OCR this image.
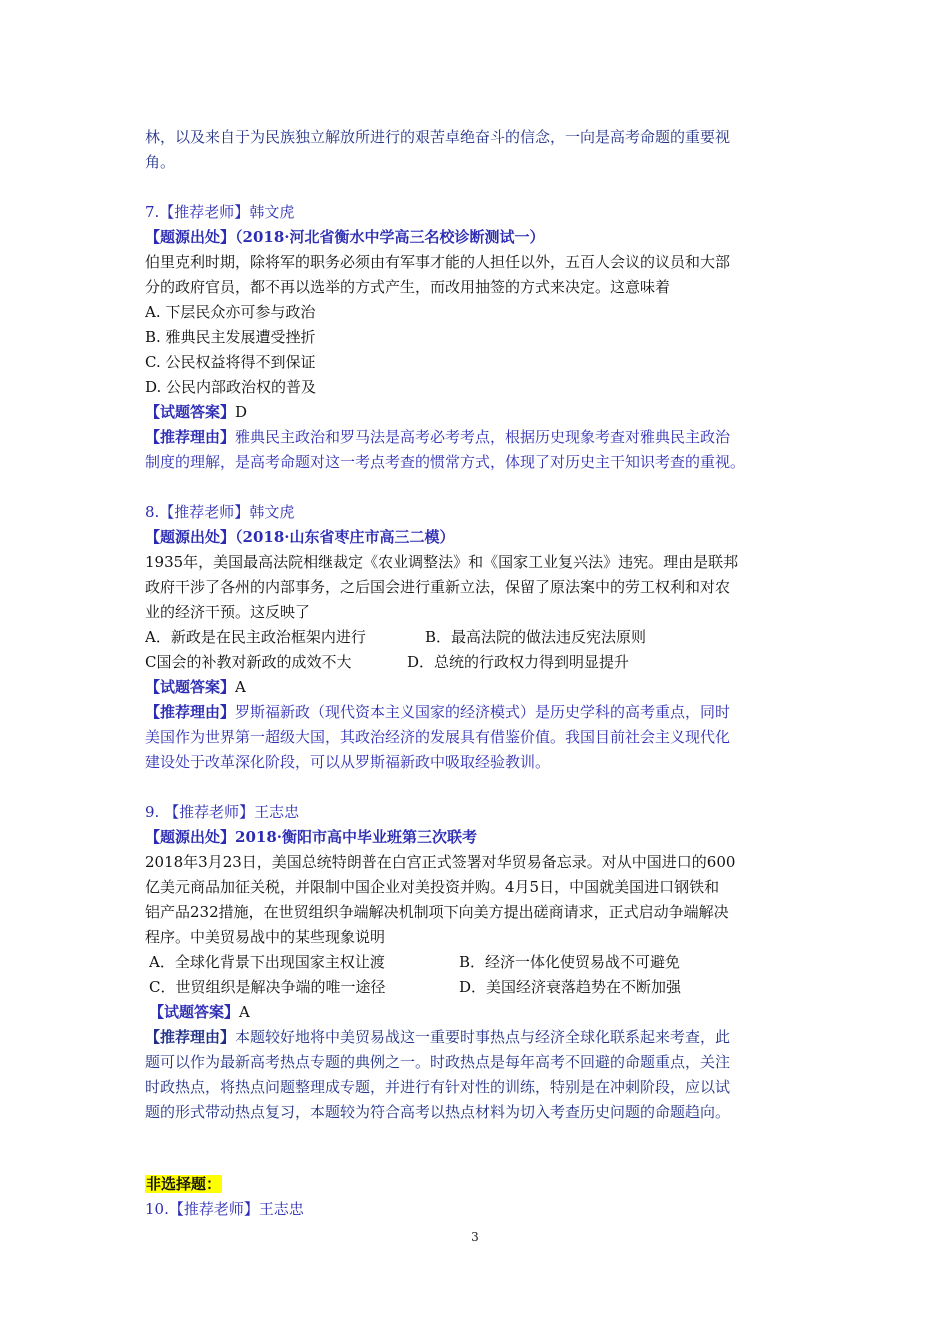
林，以及来自于为民族独立解放所进行的艰苦卓绝奋斗的信念，一向是高考命题的重要视
角。
7.【推荐老师】韩文虎
【题源出处】（2018·河北省衡水中学高三名校诊断测试一）
伯里克利时期，除将军的职务必须由有军事才能的人担任以外，五百人会议的议员和大部
分的政府官员，都不再以选举的方式产生，而改用抽签的方式来决定。这意味着
A. 下层民众亦可参与政治
B. 雅典民主发展遭受挫折
C. 公民权益将得不到保证
D. 公民内部政治权的普及
【试题答案】D
【推荐理由】雅典民主政治和罗马法是高考必考考点，根据历史现象考查对雅典民主政治
制度的理解，是高考命题对这一考点考查的惯常方式，体现了对历史主干知识考查的重视。
8.【推荐老师】韩文虎
【题源出处】（2018·山东省枣庄市高三二模）
1935年，美国最高法院相继裁定《农业调整法》和《国家工业复兴法》违宪。理由是联邦
政府干涉了各州的内部事务，之后国会进行重新立法，保留了原法案中的劳工权利和对农
业的经济干预。这反映了
A．新政是在民主政治框架内进行	B．最高法院的做法违反宪法原则
C国会的补教对新政的成效不大	D．总统的行政权力得到明显提升
【试题答案】A
【推荐理由】罗斯福新政（现代资本主义国家的经济模式）是历史学科的高考重点，同时
美国作为世界第一超级大国，其政治经济的发展具有借鉴价值。我国目前社会主义现代化
建设处于改革深化阶段，可以从罗斯福新政中吸取经验教训。
9. 【推荐老师】王志忠
【题源出处】2018·衡阳市高中毕业班第三次联考
2018年3月23日，美国总统特朗普在白宫正式签署对华贸易备忘录。对从中国进口的600
亿美元商品加征关税，并限制中国企业对美投资并购。4月5日，中国就美国进口钢铁和
铝产品232措施，在世贸组织争端解决机制项下向美方提出磋商请求，正式启动争端解决
程序。中美贸易战中的某些现象说明
A．全球化背景下出现国家主权让渡	B．经济一体化使贸易战不可避免
C．世贸组织是解决争端的唯一途径	D．美国经济衰落趋势在不断加强
【试题答案】A
【推荐理由】本题较好地将中美贸易战这一重要时事热点与经济全球化联系起来考查，此
题可以作为最新高考热点专题的典例之一。时政热点是每年高考不回避的命题重点，关注
时政热点，将热点问题整理成专题，并进行有针对性的训练，特别是在冲刺阶段，应以试
题的形式带动热点复习，本题较为符合高考以热点材料为切入考查历史问题的命题趋向。
非选择题：
10.【推荐老师】王志忠
3
